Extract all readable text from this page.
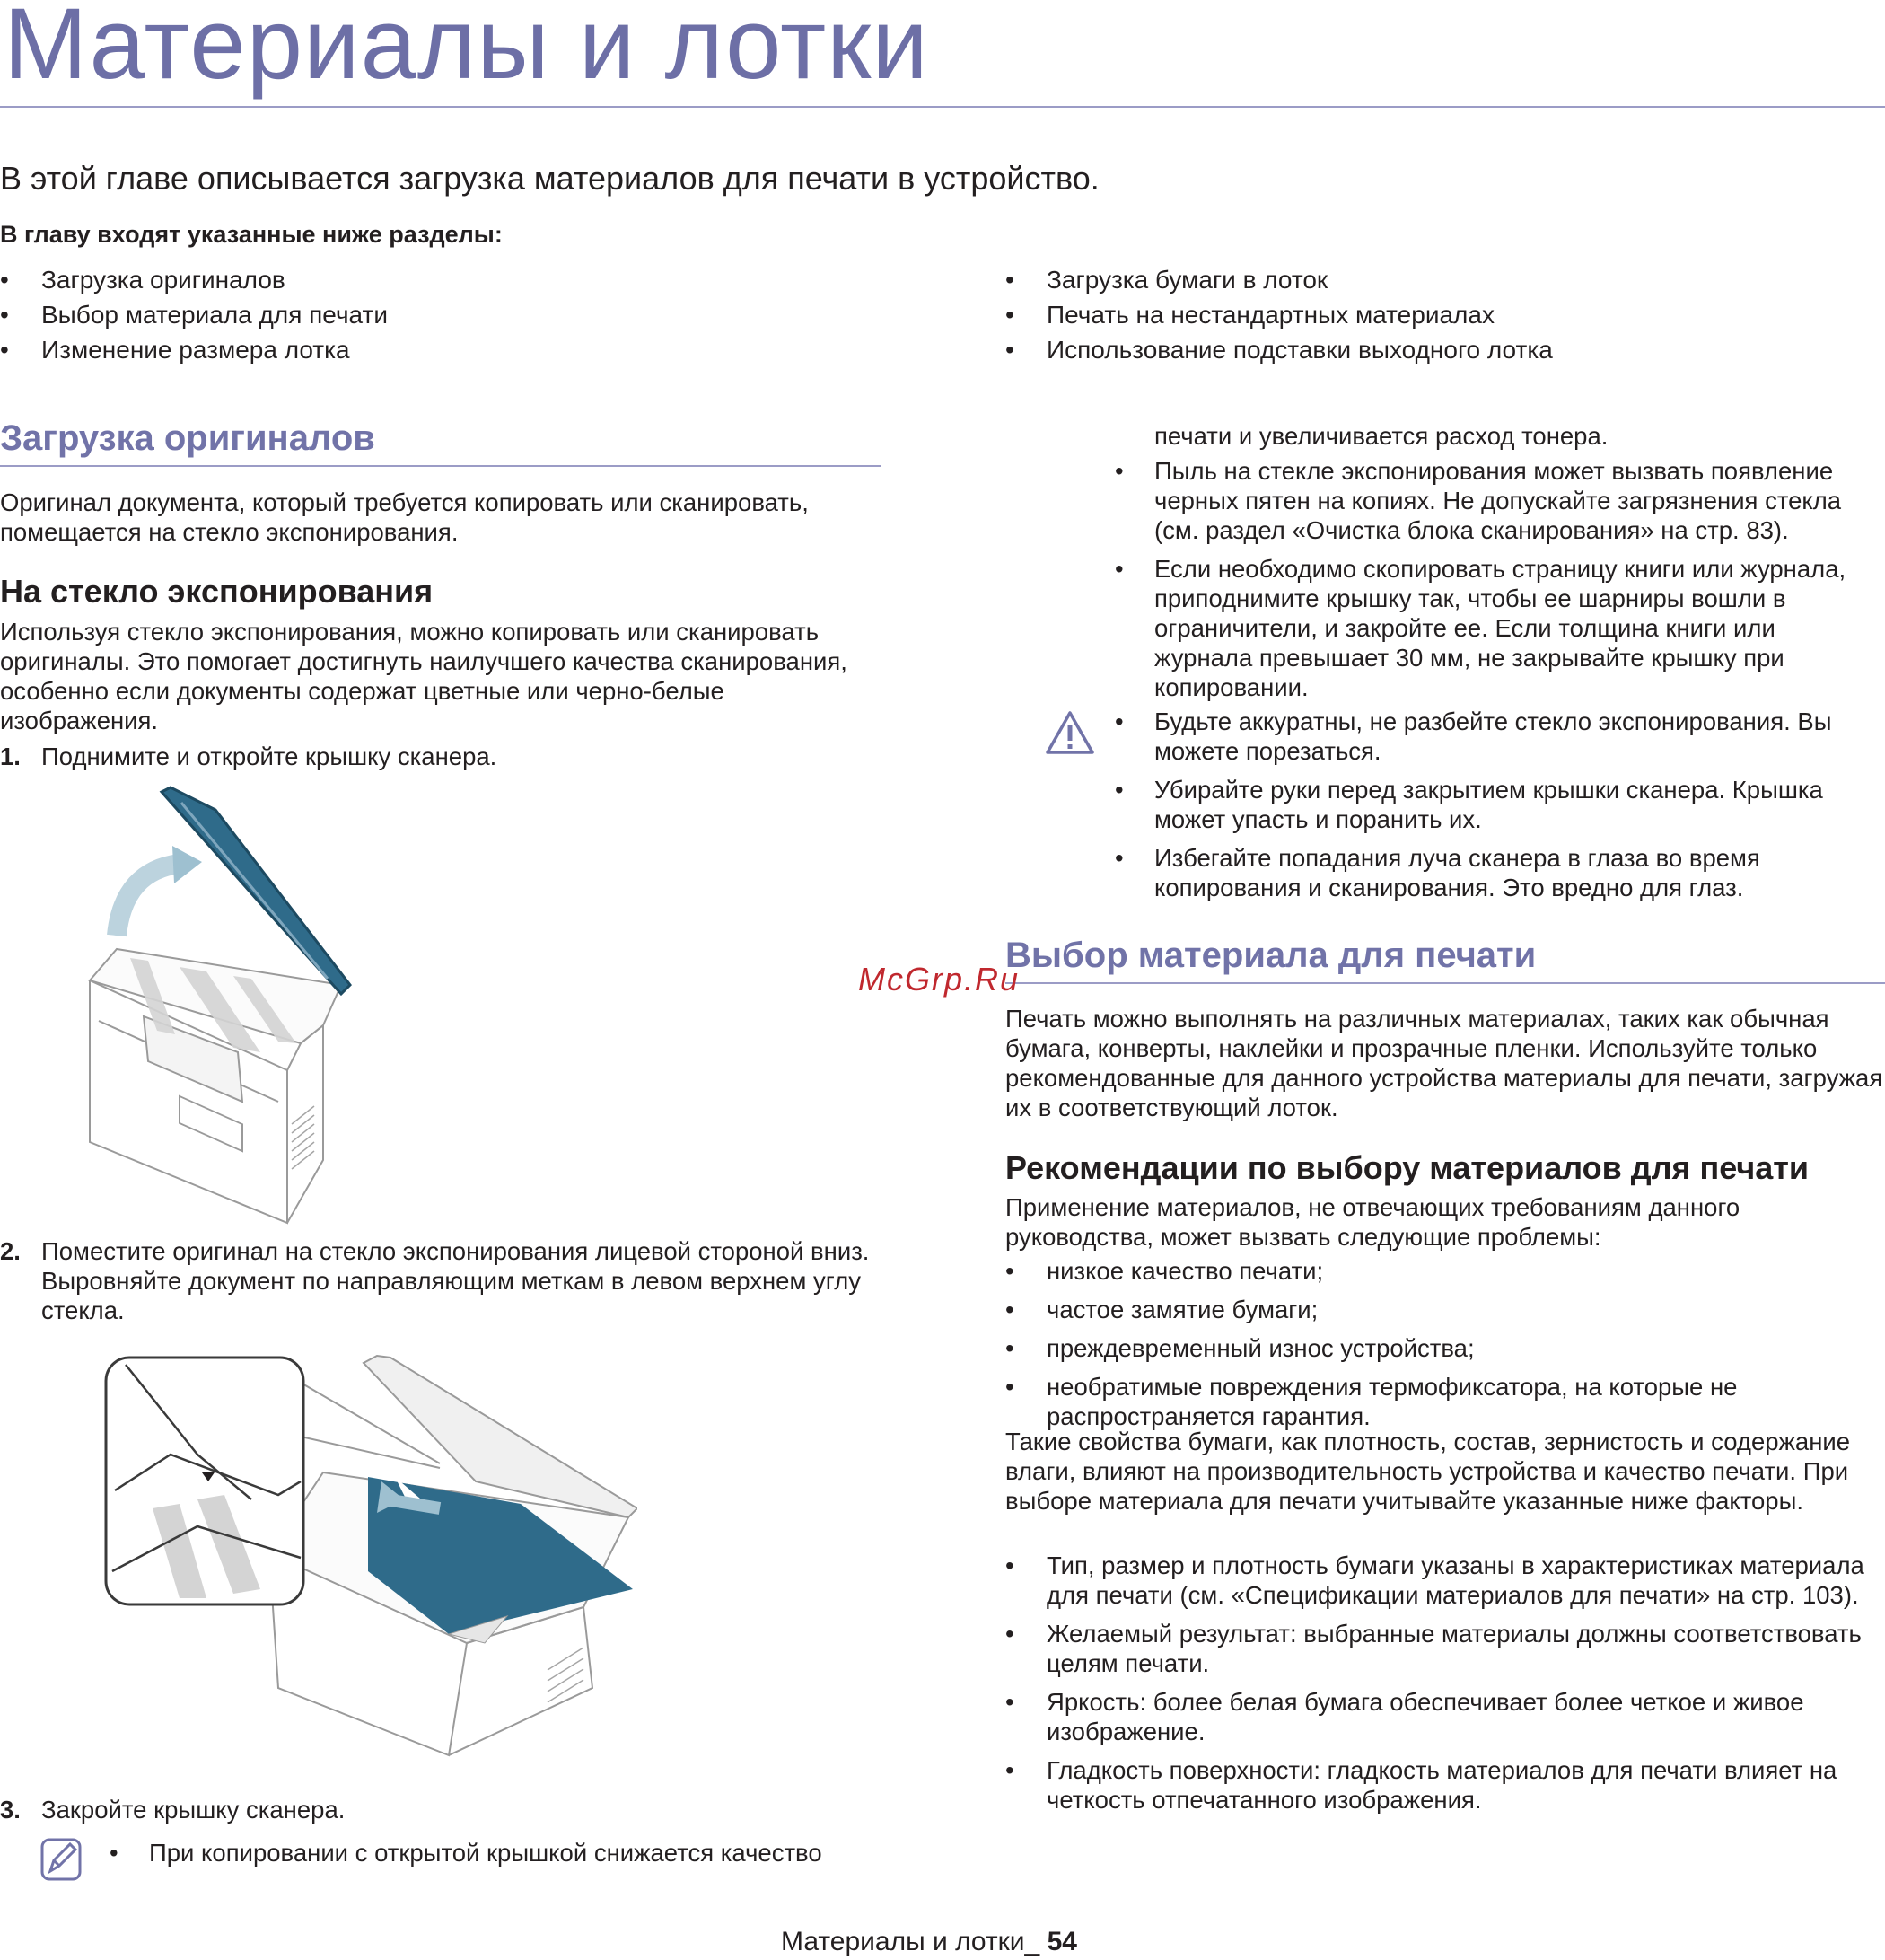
Материалы и лотки
В этой главе описывается загрузка материалов для печати в устройство.
В главу входят указанные ниже разделы:
• Загрузка оригиналов
• Выбор материала для печати
• Изменение размера лотка
• Загрузка бумаги в лоток
• Печать на нестандартных материалах
• Использование подставки выходного лотка
Загрузка оригиналов
Оригинал документа, который требуется копировать или сканировать, помещается на стекло экспонирования.
На стекло экспонирования
Используя стекло экспонирования, можно копировать или сканировать оригиналы. Это помогает достигнуть наилучшего качества сканирования, особенно если документы содержат цветные или черно-белые изображения.
1. Поднимите и откройте крышку сканера.
2. Поместите оригинал на стекло экспонирования лицевой стороной вниз. Выровняйте документ по направляющим меткам в левом верхнем углу стекла.
3. Закройте крышку сканера.
• При копировании с открытой крышкой снижается качество
печати и увеличивается расход тонера.
• Пыль на стекле экспонирования может вызвать появление черных пятен на копиях. Не допускайте загрязнения стекла (см. раздел «Очистка блока сканирования» на стр. 83).
• Если необходимо скопировать страницу книги или журнала, приподнимите крышку так, чтобы ее шарниры вошли в ограничители, и закройте ее. Если толщина книги или журнала превышает 30 мм, не закрывайте крышку при копировании.
• Будьте аккуратны, не разбейте стекло экспонирования. Вы можете порезаться.
• Убирайте руки перед закрытием крышки сканера. Крышка может упасть и поранить их.
• Избегайте попадания луча сканера в глаза во время копирования и сканирования. Это вредно для глаз.
Выбор материала для печати
Печать можно выполнять на различных материалах, таких как обычная бумага, конверты, наклейки и прозрачные пленки. Используйте только рекомендованные для данного устройства материалы для печати, загружая их в соответствующий лоток.
Рекомендации по выбору материалов для печати
Применение материалов, не отвечающих требованиям данного руководства, может вызвать следующие проблемы:
• низкое качество печати;
• частое замятие бумаги;
• преждевременный износ устройства;
• необратимые повреждения термофиксатора, на которые не распространяется гарантия.
Такие свойства бумаги, как плотность, состав, зернистость и содержание влаги, влияют на производительность устройства и качество печати. При выборе материала для печати учитывайте указанные ниже факторы.
• Тип, размер и плотность бумаги указаны в характеристиках материала для печати (см. «Спецификации материалов для печати» на стр. 103).
• Желаемый результат: выбранные материалы должны соответствовать целям печати.
• Яркость: более белая бумага обеспечивает более четкое и живое изображение.
• Гладкость поверхности: гладкость материалов для печати влияет на четкость отпечатанного изображения.
McGrp.Ru
Материалы и лотки_ 54
